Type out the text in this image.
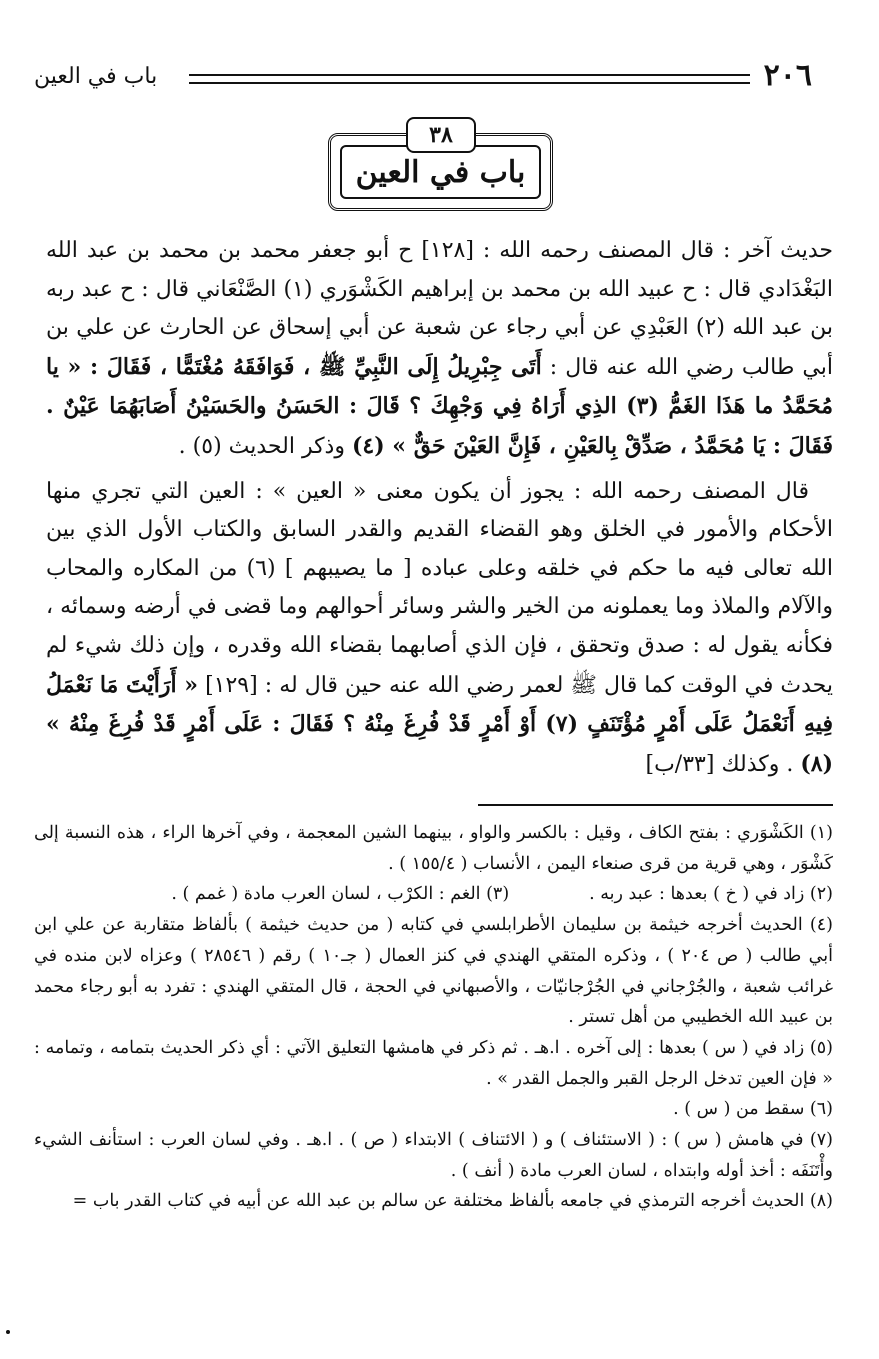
٢٠٦
باب في العين
٣٨
باب في العين

حديث آخر : قال المصنف رحمه الله : [١٢٨] ح أبو جعفر محمد بن محمد بن عبد الله البَغْدَادي قال : ح عبيد الله بن محمد بن إبراهيم الكَشْوَري (١) الصَّنْعَاني قال : ح عبد ربه بن عبد الله (٢) العَبْدِي عن أبي رجاء عن شعبة عن أبي إسحاق عن الحارث عن علي بن أبي طالب رضي الله عنه قال : أَتَى جِبْرِيلُ إِلَى النَّبِيِّ ﷺ ، فَوَافَقَهُ مُغْتَمًّا ، فَقَالَ : « يا مُحَمَّدُ ما هَذَا الغَمُّ (٣) الذِي أَرَاهُ فِي وَجْهِكَ ؟ قَالَ : الحَسَنُ والحَسَيْنُ أَصَابَهُمَا عَيْنٌ . فَقَالَ : يَا مُحَمَّدُ ، صَدِّقْ بِالعَيْنِ ، فَإِنَّ العَيْنَ حَقٌّ » (٤) وذكر الحديث (٥) .

قال المصنف رحمه الله : يجوز أن يكون معنى « العين » : العين التي تجري منها الأحكام والأمور في الخلق وهو القضاء القديم والقدر السابق والكتاب الأول الذي بين الله تعالى فيه ما حكم في خلقه وعلى عباده [ ما يصيبهم ] (٦) من المكاره والمحاب والآلام والملاذ وما يعملونه من الخير والشر وسائر أحوالهم وما قضى في أرضه وسمائه ، فكأنه يقول له : صدق وتحقق ، فإن الذي أصابهما بقضاء الله وقدره ، وإن ذلك شيء لم يحدث في الوقت كما قال ﷺ لعمر رضي الله عنه حين قال له : [١٢٩] « أَرَأَيْتَ مَا نَعْمَلُ فِيهِ أَنَعْمَلُ عَلَى أَمْرٍ مُؤْتَنَفٍ (٧) أَوْ أَمْرٍ قَدْ فُرِغَ مِنْهُ ؟ فَقَالَ : عَلَى أَمْرٍ قَدْ فُرِغَ مِنْهُ » (٨) . وكذلك [٣٣/ب]

(١) الكَشْوَري : بفتح الكاف ، وقيل : بالكسر والواو ، بينهما الشين المعجمة ، وفي آخرها الراء ، هذه النسبة إلى كَشْوَر ، وهي قرية من قرى صنعاء اليمن ، الأنساب ( ١٥٥/٤ ) .

(٢) زاد في ( خ ) بعدها : عبد ربه .
(٣) الغم : الكرْب ، لسان العرب مادة ( غمم ) .

(٤) الحديث أخرجه خيثمة بن سليمان الأطرابلسي في كتابه ( من حديث خيثمة ) بألفاظ متقاربة عن علي ابن أبي طالب ( ص ٢٠٤ ) ، وذكره المتقي الهندي في كنز العمال ( جـ١٠ ) رقم ( ٢٨٥٤٦ ) وعزاه لابن منده في غرائب شعبة ، والجُرْجاني في الجُرْجانيّات ، والأصبهاني في الحجة ، قال المتقي الهندي : تفرد به أبو رجاء محمد بن عبيد الله الخطيبي من أهل تستر .

(٥) زاد في ( س ) بعدها : إلى آخره . ا.هـ . ثم ذكر في هامشها التعليق الآتي : أي ذكر الحديث بتمامه ، وتمامه : « فإن العين تدخل الرجل القبر والجمل القدر » .

(٦) سقط من ( س ) .

(٧) في هامش ( س ) : ( الاستئناف ) و ( الائتناف ) الابتداء ( ص ) . ا.هـ . وفي لسان العرب : استأنف الشيء وأْتَنَفَه : أخذ أوله وابتداه ، لسان العرب مادة ( أنف ) .

(٨) الحديث أخرجه الترمذي في جامعه بألفاظ مختلفة عن سالم بن عبد الله عن أبيه في كتاب القدر باب =
